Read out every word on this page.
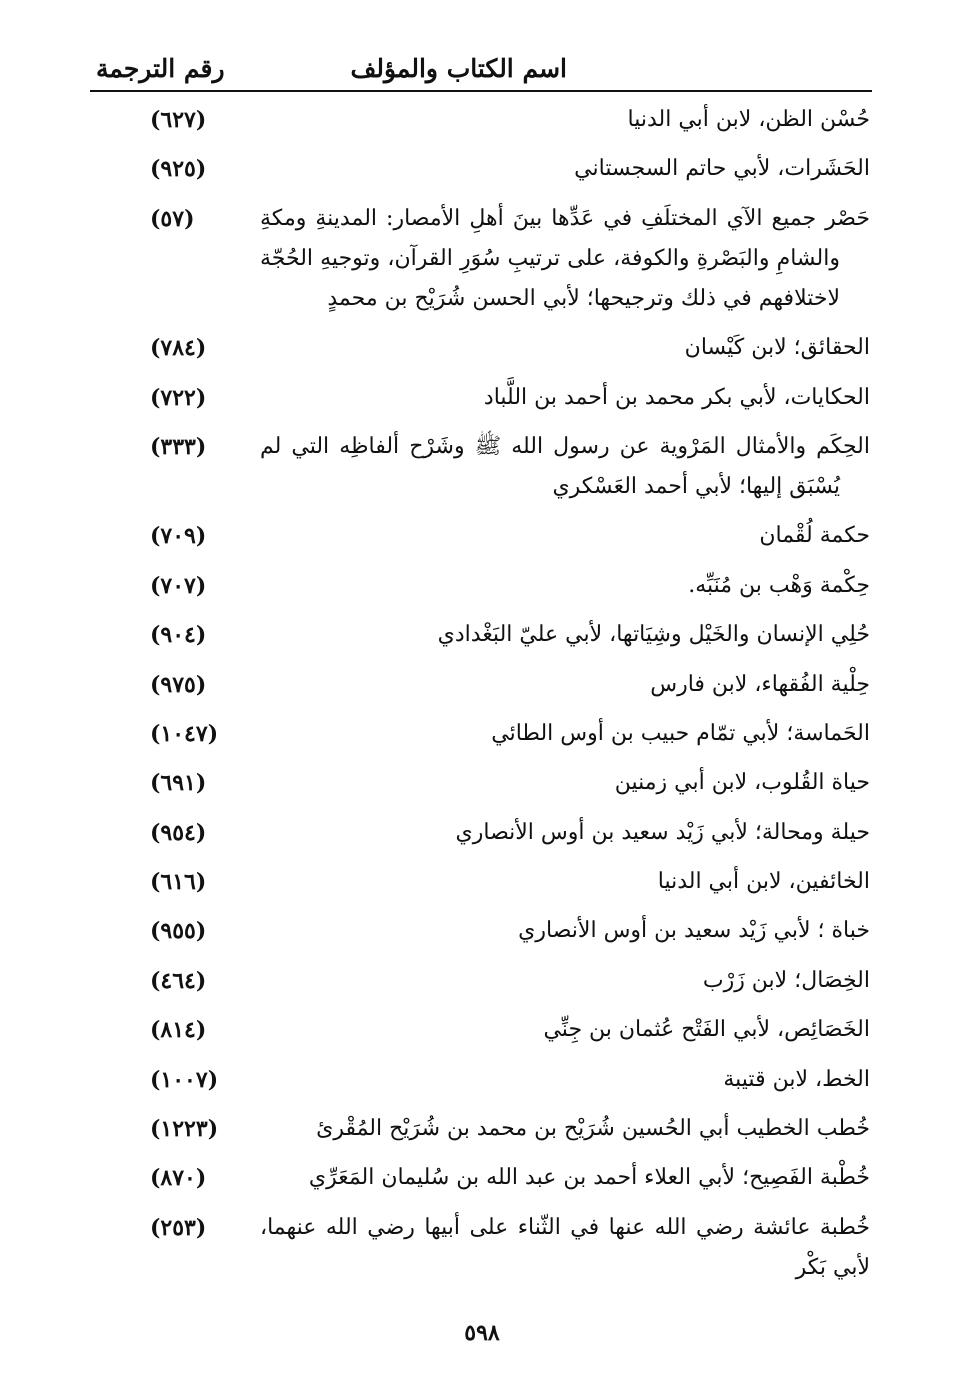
اسم الكتاب والمؤلف
رقم الترجمة
حُسْن الظن، لابن أبي الدنيا
(٦٢٧)
الحَشَرات، لأبي حاتم السجستاني
(٩٢٥)
حَصْر جميع الآي المختلَفِ في عَدِّها بينَ أهلِ الأمصار: المدينةِ ومكةِ والشامِ والبَصْرةِ والكوفة، على ترتيبِ سُوَرِ القرآن، وتوجيهِ الحُجّة لاختلافهم في ذلك وترجيحها؛ لأبي الحسن شُرَيْح بن محمدٍ
(٥٧)
الحقائق؛ لابن كَيْسان
(٧٨٤)
الحكايات، لأبي بكر محمد بن أحمد بن اللَّباد
(٧٢٢)
الحِكَم والأمثال المَرْوية عن رسول الله ﷺ وشَرْح ألفاظِه التي لم يُسْبَق إليها؛ لأبي أحمد العَسْكري
(٣٣٣)
حكمة لُقْمان
(٧٠٩)
حِكْمة وَهْب بن مُنَبِّه.
(٧٠٧)
حُلِي الإنسان والخَيْل وشِيَاتها، لأبي عليّ البَغْدادي
(٩٠٤)
حِلْية الفُقهاء، لابن فارس
(٩٧٥)
الحَماسة؛ لأبي تمّام حبيب بن أوس الطائي
(١٠٤٧)
حياة القُلوب، لابن أبي زمنين
(٦٩١)
حيلة ومحالة؛ لأبي زَيْد سعيد بن أوس الأنصاري
(٩٥٤)
الخائفين، لابن أبي الدنيا
(٦١٦)
خباة ؛ لأبي زَيْد سعيد بن أوس الأنصاري
(٩٥٥)
الخِصَال؛ لابن زَرْب
(٤٦٤)
الخَصَائِص، لأبي الفَتْح عُثمان بن جِنِّي
(٨١٤)
الخط، لابن قتيبة
(١٠٠٧)
خُطب الخطيب أبي الحُسين شُرَيْح بن محمد بن شُرَيْح المُقْرئ
(١٢٢٣)
خُطْبة الفَصِيح؛ لأبي العلاء أحمد بن عبد الله بن سُليمان المَعَرِّي
(٨٧٠)
خُطبة عائشة رضي الله عنها في الثّناء على أبيها رضي الله عنهما، لأبي بَكْر
(٢٥٣)
٥٩٨
